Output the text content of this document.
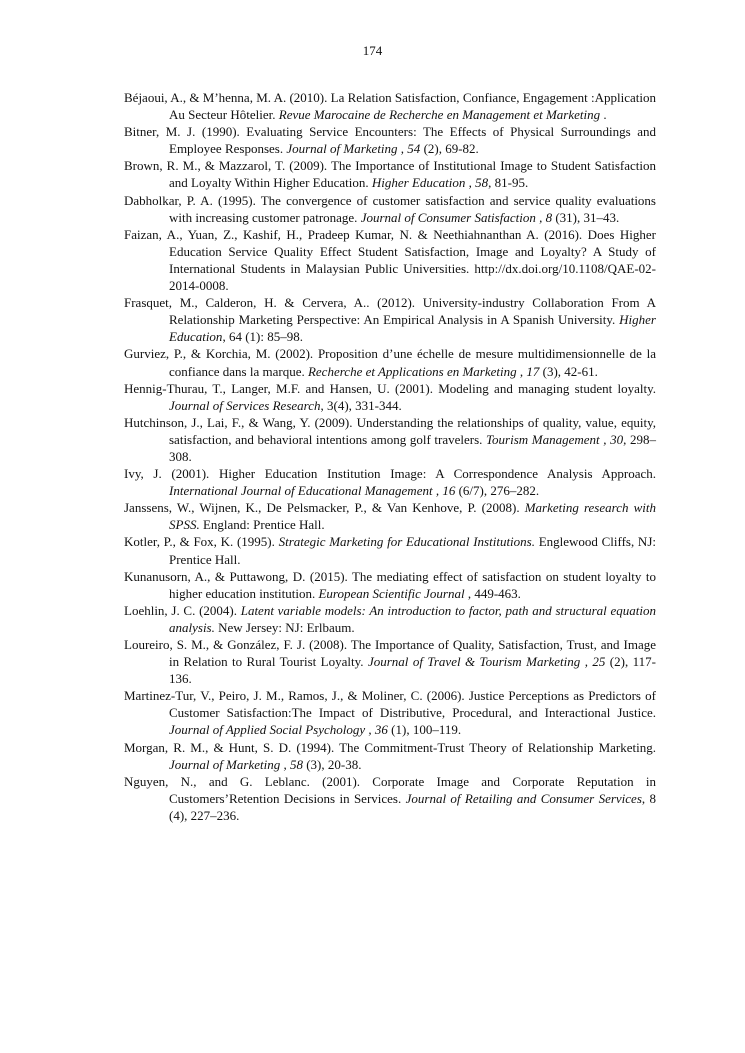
174

Béjaoui, A., & M’henna, M. A. (2010). La Relation Satisfaction, Confiance, Engagement :Application Au Secteur Hôtelier. Revue Marocaine de Recherche en Management et Marketing .

Bitner, M. J. (1990). Evaluating Service Encounters: The Effects of Physical Surroundings and Employee Responses. Journal of Marketing , 54 (2), 69-82.

Brown, R. M., & Mazzarol, T. (2009). The Importance of Institutional Image to Student Satisfaction and Loyalty Within Higher Education. Higher Education , 58, 81-95.

Dabholkar, P. A. (1995). The convergence of customer satisfaction and service quality evaluations with increasing customer patronage. Journal of Consumer Satisfaction , 8 (31), 31–43.

Faizan, A., Yuan, Z., Kashif, H., Pradeep Kumar, N. & Neethiahnanthan A. (2016). Does Higher Education Service Quality Effect Student Satisfaction, Image and Loyalty? A Study of International Students in Malaysian Public Universities. http://dx.doi.org/10.1108/QAE-02-2014-0008.

Frasquet, M., Calderon, H. & Cervera, A.. (2012). University-industry Collaboration From A Relationship Marketing Perspective: An Empirical Analysis in A Spanish University. Higher Education, 64 (1): 85–98.

Gurviez, P., & Korchia, M. (2002). Proposition d’une échelle de mesure multidimensionnelle de la confiance dans la marque. Recherche et Applications en Marketing , 17 (3), 42-61.

Hennig-Thurau, T., Langer, M.F. and Hansen, U. (2001). Modeling and managing student loyalty. Journal of Services Research, 3(4), 331-344.

Hutchinson, J., Lai, F., & Wang, Y. (2009). Understanding the relationships of quality, value, equity, satisfaction, and behavioral intentions among golf travelers. Tourism Management , 30, 298–308.

Ivy, J. (2001). Higher Education Institution Image: A Correspondence Analysis Approach. International Journal of Educational Management , 16 (6/7), 276–282.

Janssens, W., Wijnen, K., De Pelsmacker, P., & Van Kenhove, P. (2008). Marketing research with SPSS. England: Prentice Hall.

Kotler, P., & Fox, K. (1995). Strategic Marketing for Educational Institutions. Englewood Cliffs, NJ: Prentice Hall.

Kunanusorn, A., & Puttawong, D. (2015). The mediating effect of satisfaction on student loyalty to higher education institution. European Scientific Journal , 449-463.

Loehlin, J. C. (2004). Latent variable models: An introduction to factor, path and structural equation analysis. New Jersey: NJ: Erlbaum.

Loureiro, S. M., & González, F. J. (2008). The Importance of Quality, Satisfaction, Trust, and Image in Relation to Rural Tourist Loyalty. Journal of Travel & Tourism Marketing , 25 (2), 117-136.

Martinez-Tur, V., Peiro, J. M., Ramos, J., & Moliner, C. (2006). Justice Perceptions as Predictors of Customer Satisfaction:The Impact of Distributive, Procedural, and Interactional Justice. Journal of Applied Social Psychology , 36 (1), 100–119.

Morgan, R. M., & Hunt, S. D. (1994). The Commitment-Trust Theory of Relationship Marketing. Journal of Marketing , 58 (3), 20-38.

Nguyen, N., and G. Leblanc. (2001). Corporate Image and Corporate Reputation in Customers’Retention Decisions in Services. Journal of Retailing and Consumer Services, 8 (4), 227–236.
